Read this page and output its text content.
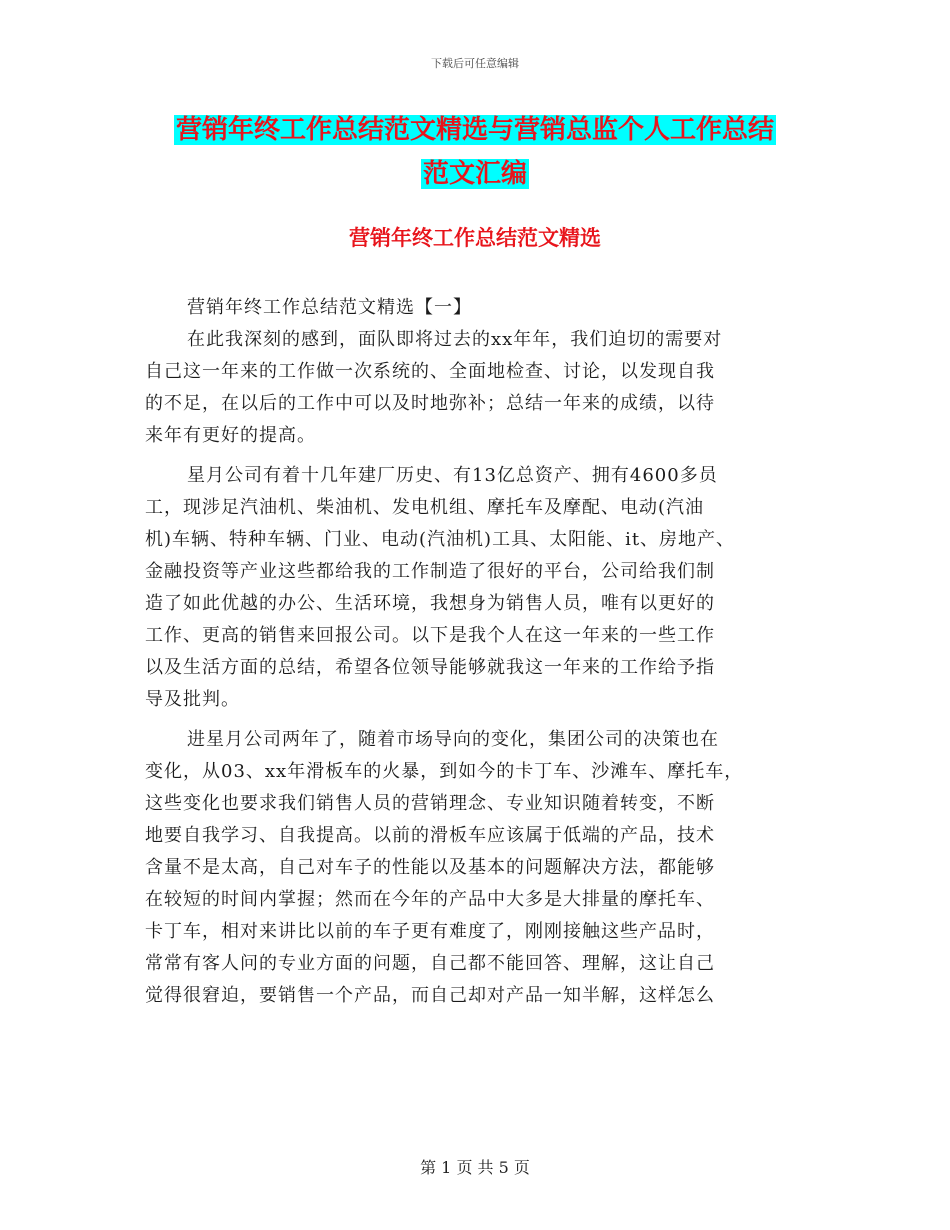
下载后可任意编辑
营销年终工作总结范文精选与营销总监个人工作总结
范文汇编
营销年终工作总结范文精选
营销年终工作总结范文精选【一】
在此我深刻的感到，面队即将过去的xx年年，我们迫切的需要对
自己这一年来的工作做一次系统的、全面地检查、讨论，以发现自我
的不足，在以后的工作中可以及时地弥补；总结一年来的成绩，以待
来年有更好的提高。
星月公司有着十几年建厂历史、有13亿总资产、拥有4600多员
工，现涉足汽油机、柴油机、发电机组、摩托车及摩配、电动(汽油
机)车辆、特种车辆、门业、电动(汽油机)工具、太阳能、it、房地产、
金融投资等产业这些都给我的工作制造了很好的平台，公司给我们制
造了如此优越的办公、生活环境，我想身为销售人员，唯有以更好的
工作、更高的销售来回报公司。以下是我个人在这一年来的一些工作
以及生活方面的总结，希望各位领导能够就我这一年来的工作给予指
导及批判。
进星月公司两年了，随着市场导向的变化，集团公司的决策也在
变化，从03、xx年滑板车的火暴，到如今的卡丁车、沙滩车、摩托车，
这些变化也要求我们销售人员的营销理念、专业知识随着转变，不断
地要自我学习、自我提高。以前的滑板车应该属于低端的产品，技术
含量不是太高，自己对车子的性能以及基本的问题解决方法，都能够
在较短的时间内掌握；然而在今年的产品中大多是大排量的摩托车、
卡丁车，相对来讲比以前的车子更有难度了，刚刚接触这些产品时，
常常有客人问的专业方面的问题，自己都不能回答、理解，这让自己
觉得很窘迫，要销售一个产品，而自己却对产品一知半解，这样怎么
第 1 页 共 5 页
